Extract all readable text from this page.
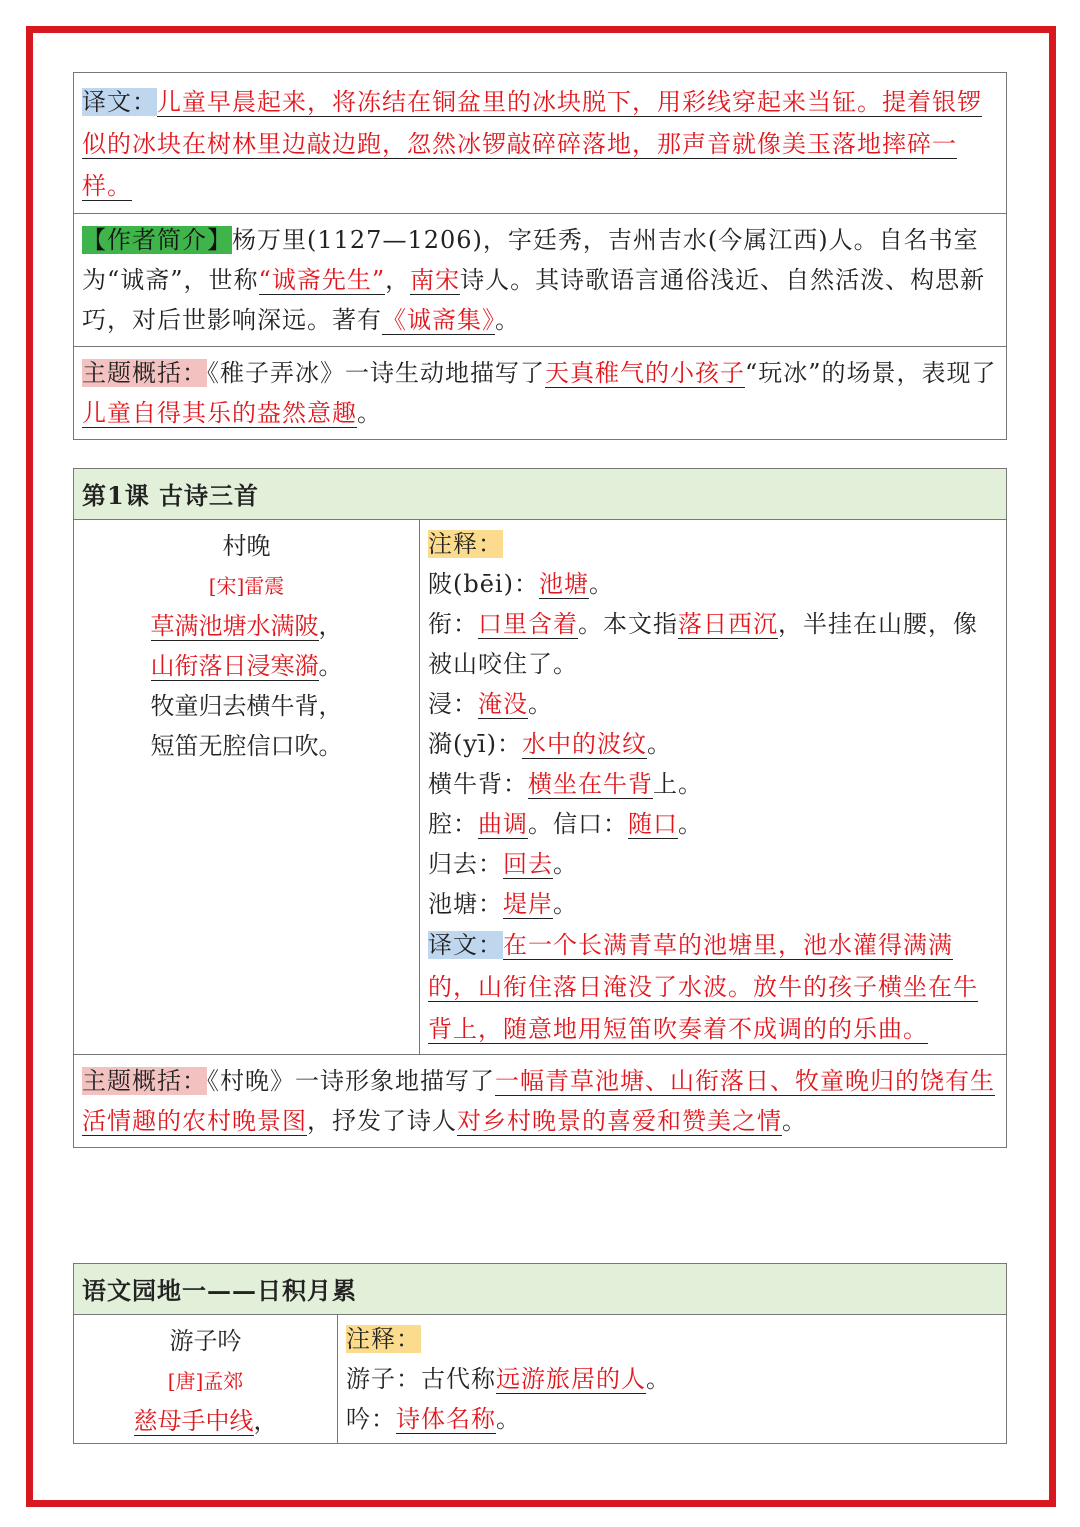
译文：儿童早晨起来，将冻结在铜盆里的冰块脱下，用彩线穿起来当钲。提着银锣似的冰块在树林里边敲边跑，忽然冰锣敲碎碎落地，那声音就像美玉落地摔碎一样。
【作者简介】杨万里(1127—1206)，字廷秀，吉州吉水(今属江西)人。自名书室为“诚斋”，世称“诚斋先生”，南宋诗人。其诗歌语言通俗浅近、自然活泼、构思新巧，对后世影响深远。著有《诚斋集》。
主题概括：《稚子弄冰》一诗生动地描写了天真稚气的小孩子“玩冰”的场景，表现了儿童自得其乐的盎然意趣。
第1课 古诗三首

村晚

[宋]雷震

草满池塘水满陂，

山衔落日浸寒漪。

牧童归去横牛背，

短笛无腔信口吹。

注释：

陂(bēi)：池塘。

衔：口里含着。本文指落日西沉，半挂在山腰，像被山咬住了。

浸：淹没。

漪(yī)：水中的波纹。

横牛背：横坐在牛背上。

腔：曲调。信口：随口。

归去：回去。

池塘：堤岸。

译文：在一个长满青草的池塘里，池水灌得满满的，山衔住落日淹没了水波。放牛的孩子横坐在牛背上，随意地用短笛吹奏着不成调的的乐曲。

主题概括：《村晚》一诗形象地描写了一幅青草池塘、山衔落日、牧童晚归的饶有生活情趣的农村晚景图，抒发了诗人对乡村晚景的喜爱和赞美之情。
语文园地一——日积月累

游子吟

[唐]孟郊

慈母手中线，

注释：

游子：古代称远游旅居的人。

吟：诗体名称。
